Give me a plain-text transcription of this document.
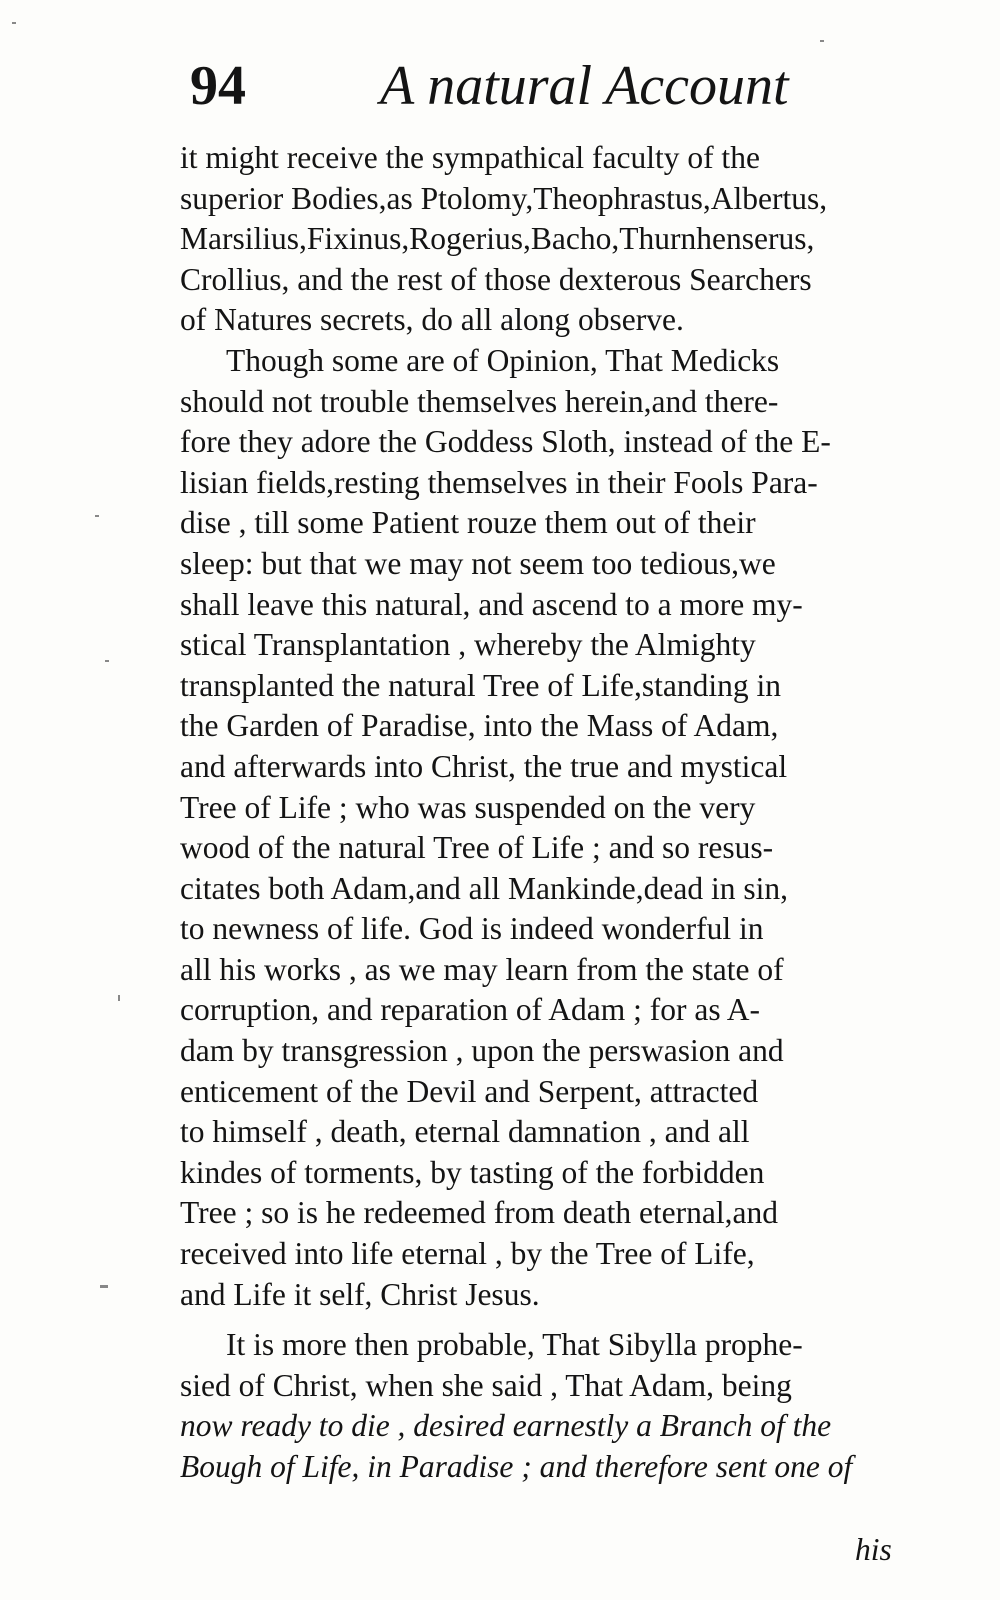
94 A natural Account
it might receive the sympathical faculty of the
superior Bodies,as Ptolomy,Theophrastus,Albertus,
Marsilius,Fixinus,Rogerius,Bacho,Thurnhenserus,
Crollius, and the rest of those dexterous Searchers
of Natures secrets, do all along observe.
Though some are of Opinion, That Medicks
should not trouble themselves herein,and there-
fore they adore the Goddess Sloth, instead of the E-
lisian fields,resting themselves in their Fools Para-
dise , till some Patient rouze them out of their
sleep: but that we may not seem too tedious,we
shall leave this natural, and ascend to a more my-
stical Transplantation , whereby the Almighty
transplanted the natural Tree of Life,standing in
the Garden of Paradise, into the Mass of Adam,
and afterwards into Christ, the true and mystical
Tree of Life ; who was suspended on the very
wood of the natural Tree of Life ; and so resus-
citates both Adam,and all Mankinde,dead in sin,
to newness of life. God is indeed wonderful in
all his works , as we may learn from the state of
corruption, and reparation of Adam ; for as A-
dam by transgression , upon the perswasion and
enticement of the Devil and Serpent, attracted
to himself , death, eternal damnation , and all
kindes of torments, by tasting of the forbidden
Tree ; so is he redeemed from death eternal,and
received into life eternal , by the Tree of Life,
and Life it self, Christ Jesus.
It is more then probable, That Sibylla prophe-
sied of Christ, when she said , That Adam, being
now ready to die , desired earnestly a Branch of the
Bough of Life, in Paradise ; and therefore sent one of
his
